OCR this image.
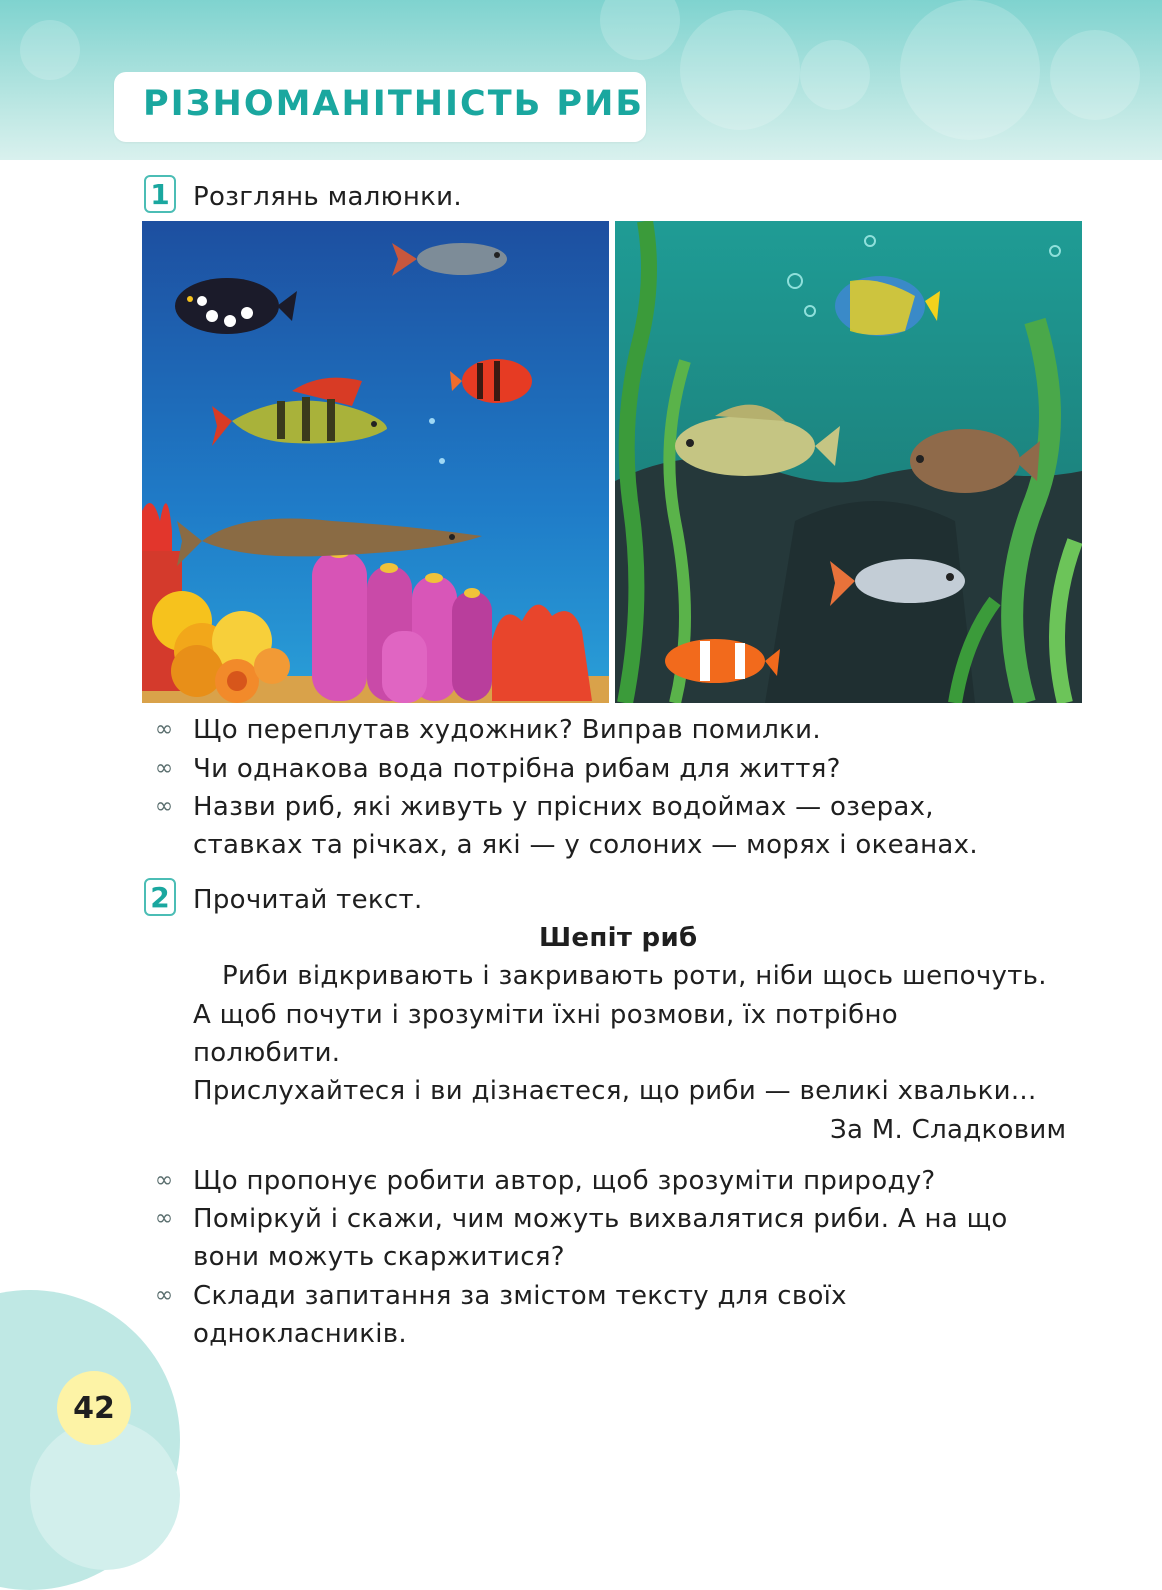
РІЗНОМАНІТНІСТЬ РИБ
1 Розглянь малюнки.
∞ Що переплутав художник? Виправ помилки.
∞ Чи однакова вода потрібна рибам для життя?
∞ Назви риб, які живуть у прісних водоймах — озерах,
ставках та річках, а які — у солоних — морях і океанах.
2 Прочитай текст.
Шепіт риб
Риби відкривають і закривають роти, ніби щось шепочуть.
А щоб почути і зрозуміти їхні розмови, їх потрібно
полюбити.
Прислухайтеся і ви дізнаєтеся, що риби — великі хвальки...
За М. Сладковим
∞ Що пропонує робити автор, щоб зрозуміти природу?
∞ Поміркуй і скажи, чим можуть вихвалятися риби. А на що
вони можуть скаржитися?
∞ Склади запитання за змістом тексту для своїх
однокласників.
42
